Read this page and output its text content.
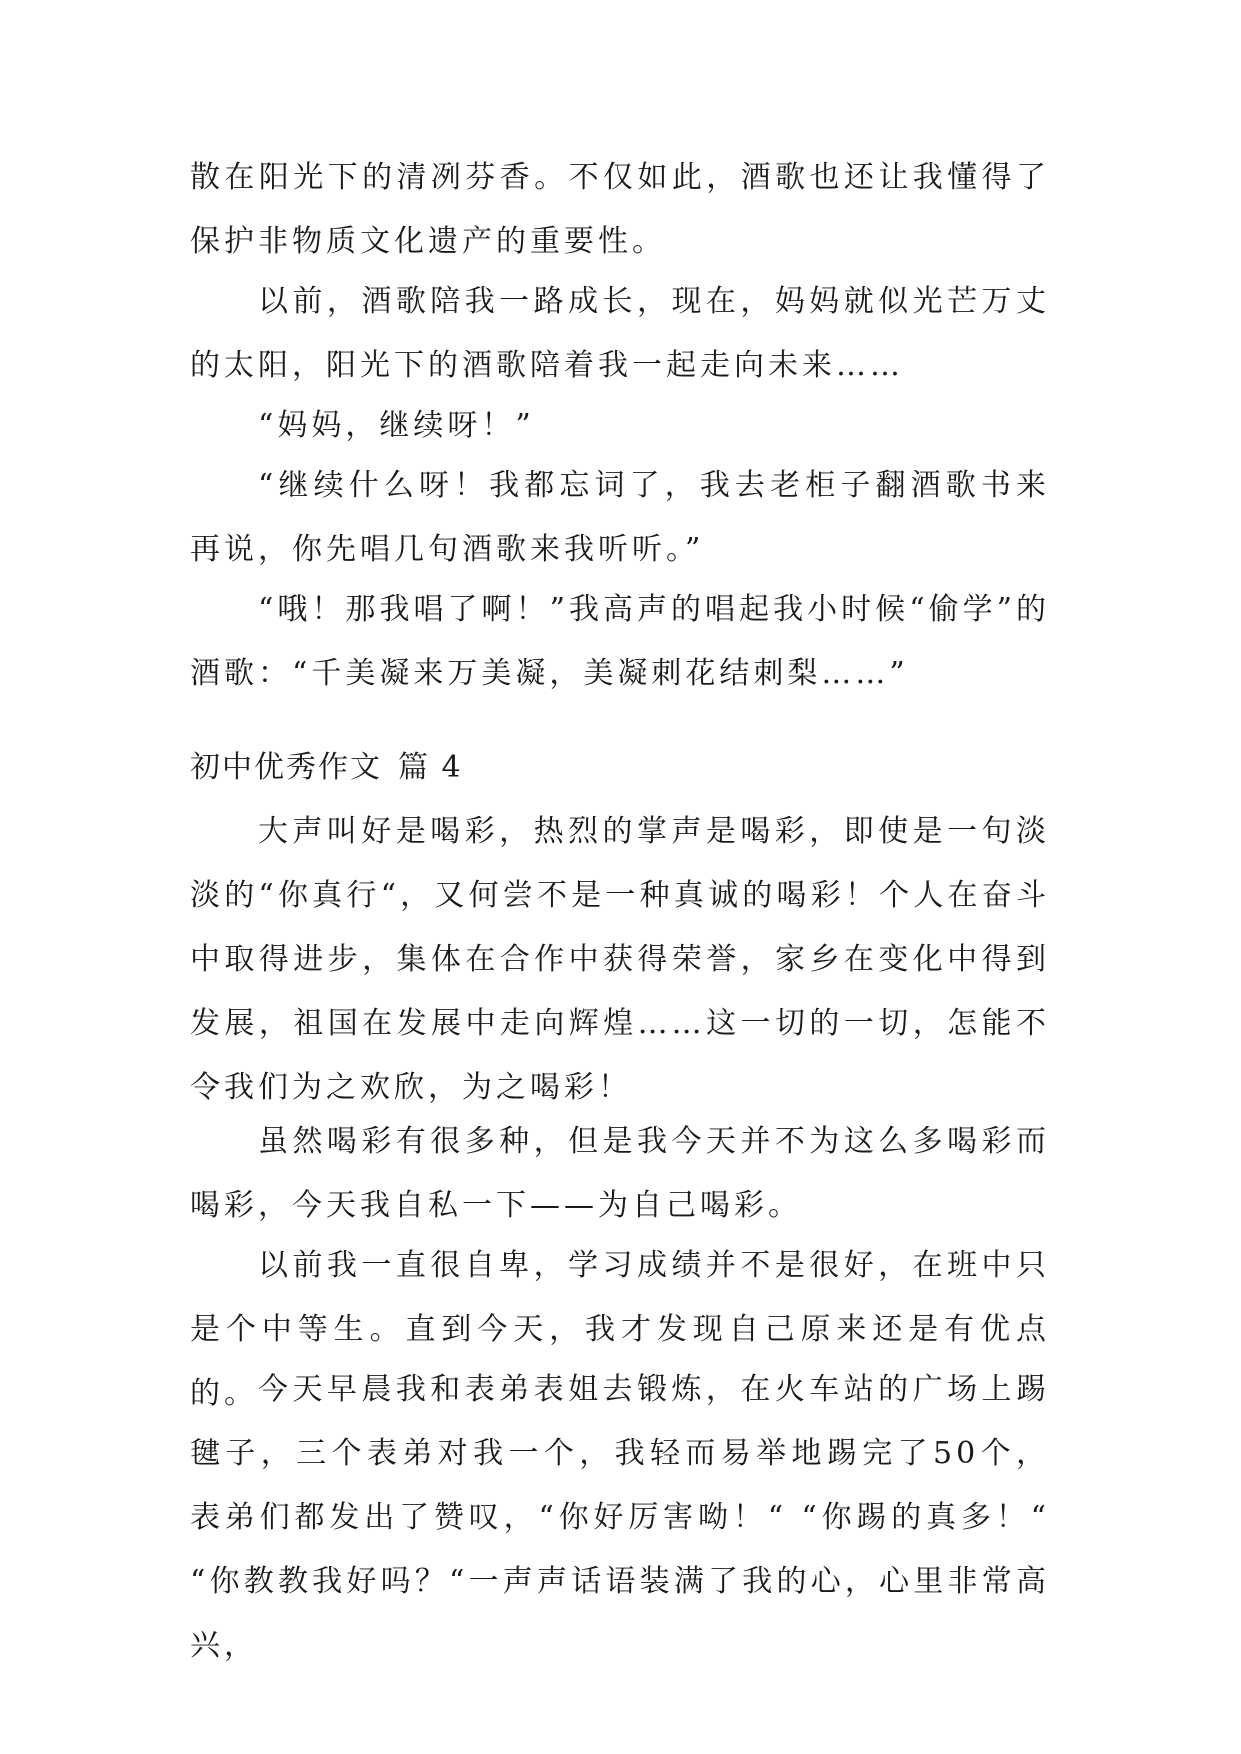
散在阳光下的清冽芬香。不仅如此，酒歌也还让我懂得了保护非物质文化遗产的重要性。

以前，酒歌陪我一路成长，现在，妈妈就似光芒万丈的太阳，阳光下的酒歌陪着我一起走向未来……

“妈妈，继续呀！”

“继续什么呀！我都忘词了，我去老柜子翻酒歌书来再说，你先唱几句酒歌来我听听。”

“哦！那我唱了啊！”我高声的唱起我小时候“偷学”的酒歌：“千美凝来万美凝，美凝刺花结刺梨……”

初中优秀作文 篇 4

大声叫好是喝彩，热烈的掌声是喝彩，即使是一句淡淡的“你真行“，又何尝不是一种真诚的喝彩！个人在奋斗中取得进步，集体在合作中获得荣誉，家乡在变化中得到发展，祖国在发展中走向辉煌……这一切的一切，怎能不令我们为之欢欣，为之喝彩！

虽然喝彩有很多种，但是我今天并不为这么多喝彩而喝彩，今天我自私一下——为自己喝彩。

以前我一直很自卑，学习成绩并不是很好，在班中只是个中等生。直到今天，我才发现自己原来还是有优点的。 今天早晨我和表弟表姐去锻炼，在火车站的广场上踢毽子，三个表弟对我一个，我轻而易举地踢完了50个，表弟们都发出了赞叹，“你好厉害呦！“ “你踢的真多！“ “你教教我好吗？“一声声话语装满了我的心，心里非常高兴，
